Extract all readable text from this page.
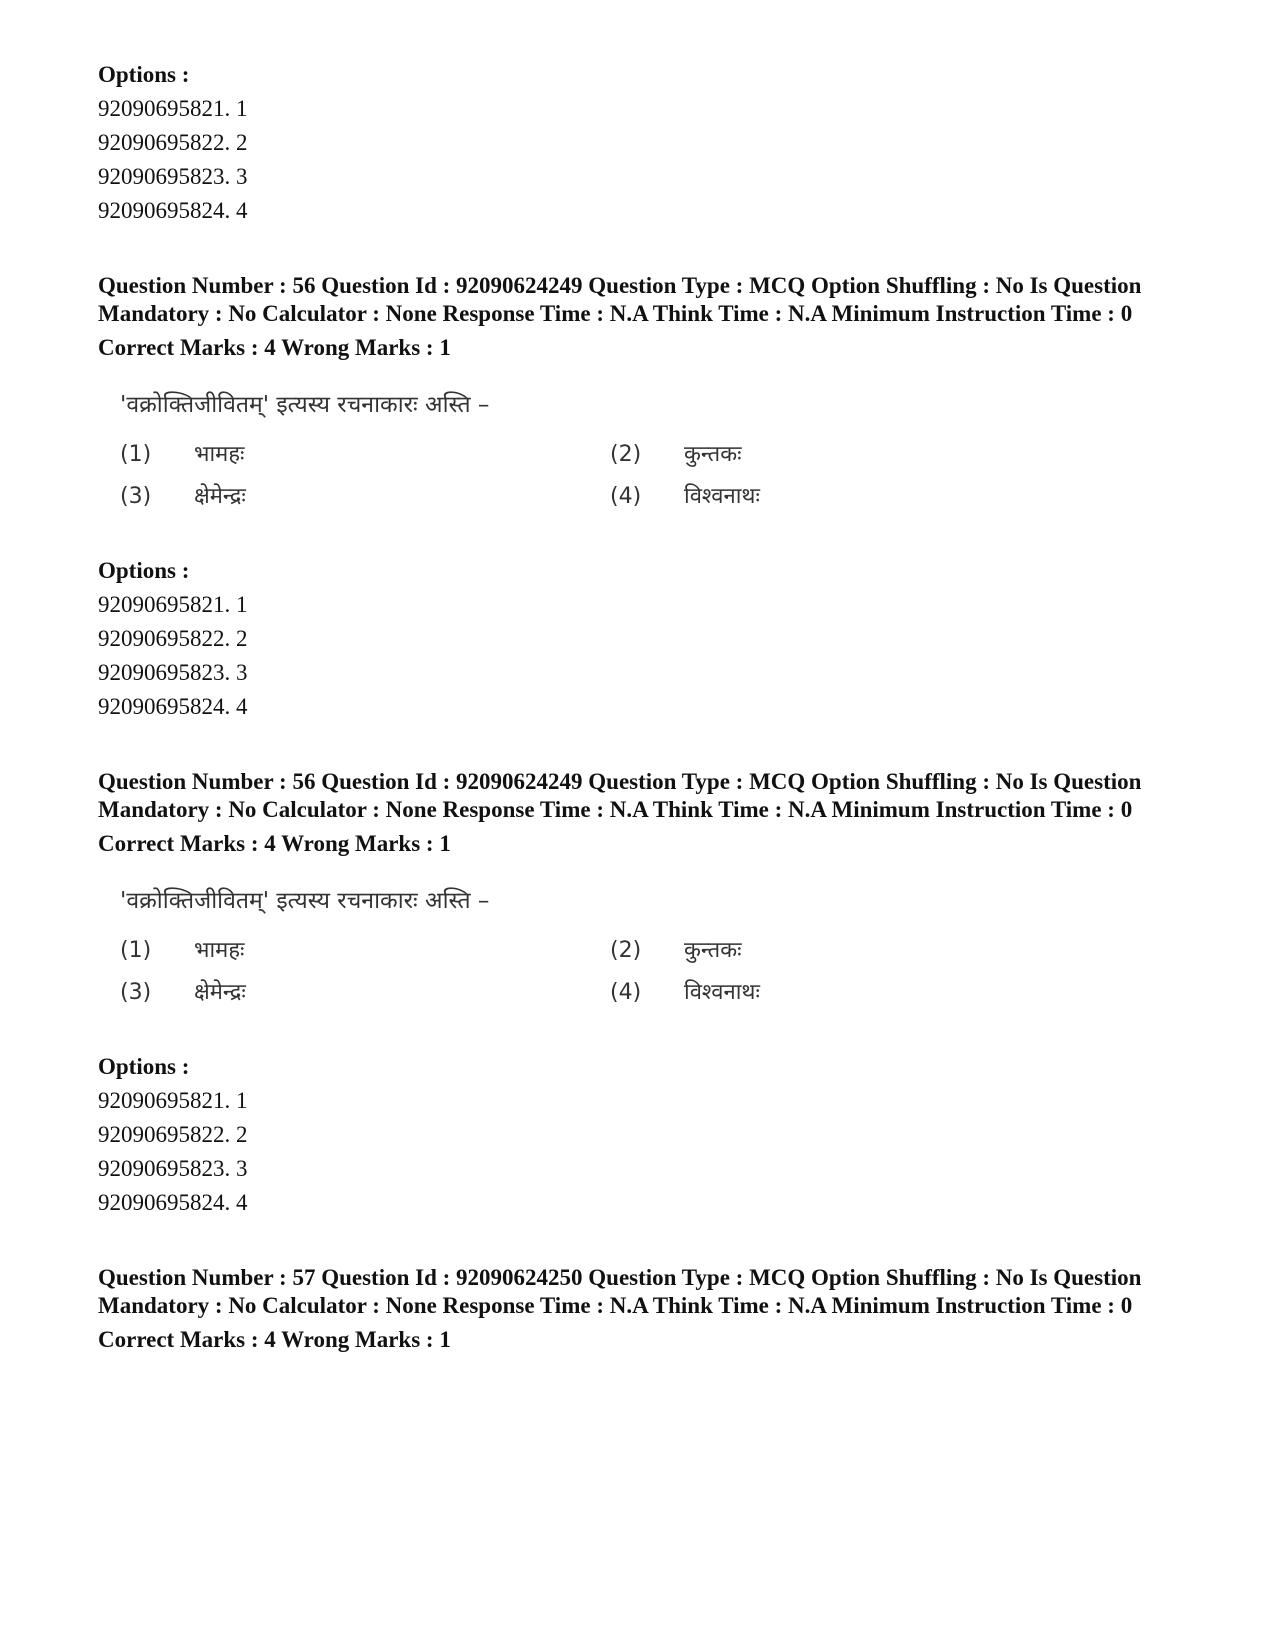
Options :
92090695821. 1
92090695822. 2
92090695823. 3
92090695824. 4
Question Number : 56 Question Id : 92090624249 Question Type : MCQ Option Shuffling : No Is Question Mandatory : No Calculator : None Response Time : N.A Think Time : N.A Minimum Instruction Time : 0
Correct Marks : 4 Wrong Marks : 1
'वक्रोक्तिजीवितम्' इत्यस्य रचनाकारः अस्ति –
(1)	भामहः	(2)	कुन्तकः
(3)	क्षेमेन्द्रः	(4)	विश्वनाथः
Options :
92090695821. 1
92090695822. 2
92090695823. 3
92090695824. 4
Question Number : 56 Question Id : 92090624249 Question Type : MCQ Option Shuffling : No Is Question Mandatory : No Calculator : None Response Time : N.A Think Time : N.A Minimum Instruction Time : 0
Correct Marks : 4 Wrong Marks : 1
'वक्रोक्तिजीवितम्' इत्यस्य रचनाकारः अस्ति –
(1)	भामहः	(2)	कुन्तकः
(3)	क्षेमेन्द्रः	(4)	विश्वनाथः
Options :
92090695821. 1
92090695822. 2
92090695823. 3
92090695824. 4
Question Number : 57 Question Id : 92090624250 Question Type : MCQ Option Shuffling : No Is Question Mandatory : No Calculator : None Response Time : N.A Think Time : N.A Minimum Instruction Time : 0
Correct Marks : 4 Wrong Marks : 1
